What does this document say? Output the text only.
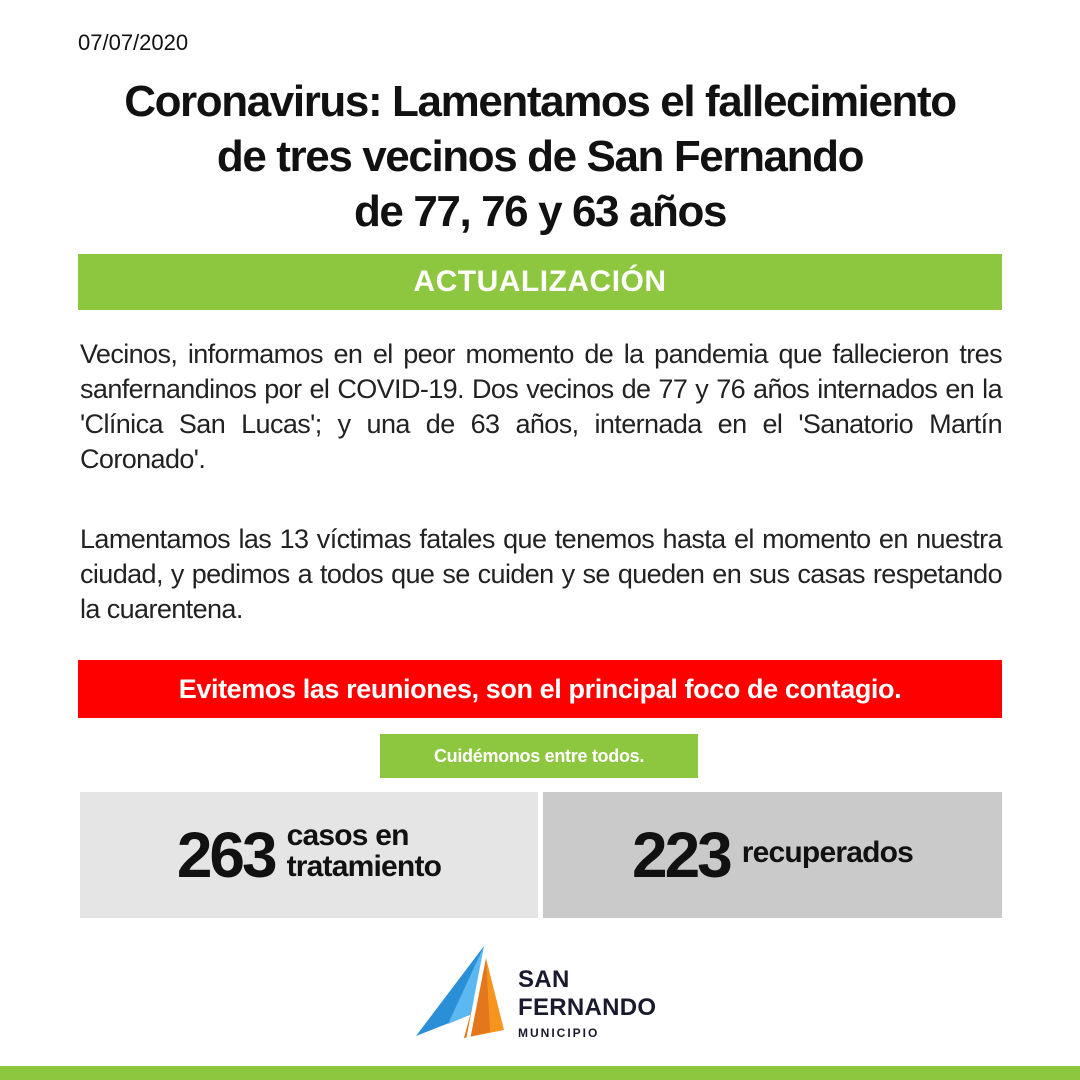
07/07/2020
Coronavirus: Lamentamos el fallecimiento
de tres vecinos de San Fernando
de 77, 76 y 63 años
ACTUALIZACIÓN

Vecinos, informamos en el peor momento de la pandemia que fallecieron tres sanfernandinos por el COVID-19. Dos vecinos de 77 y 76 años internados en la 'Clínica San Lucas'; y una de 63 años, internada en el 'Sanatorio Martín Coronado'.

Lamentamos las 13 víctimas fatales que tenemos hasta el momento en nuestra ciudad, y pedimos a todos que se cuiden y se queden en sus casas respetando la cuarentena.

Evitemos las reuniones, son el principal foco de contagio.
Cuidémonos entre todos.
263 casos en
tratamiento	223 recuperados
SAN
FERNANDO
MUNICIPIO
